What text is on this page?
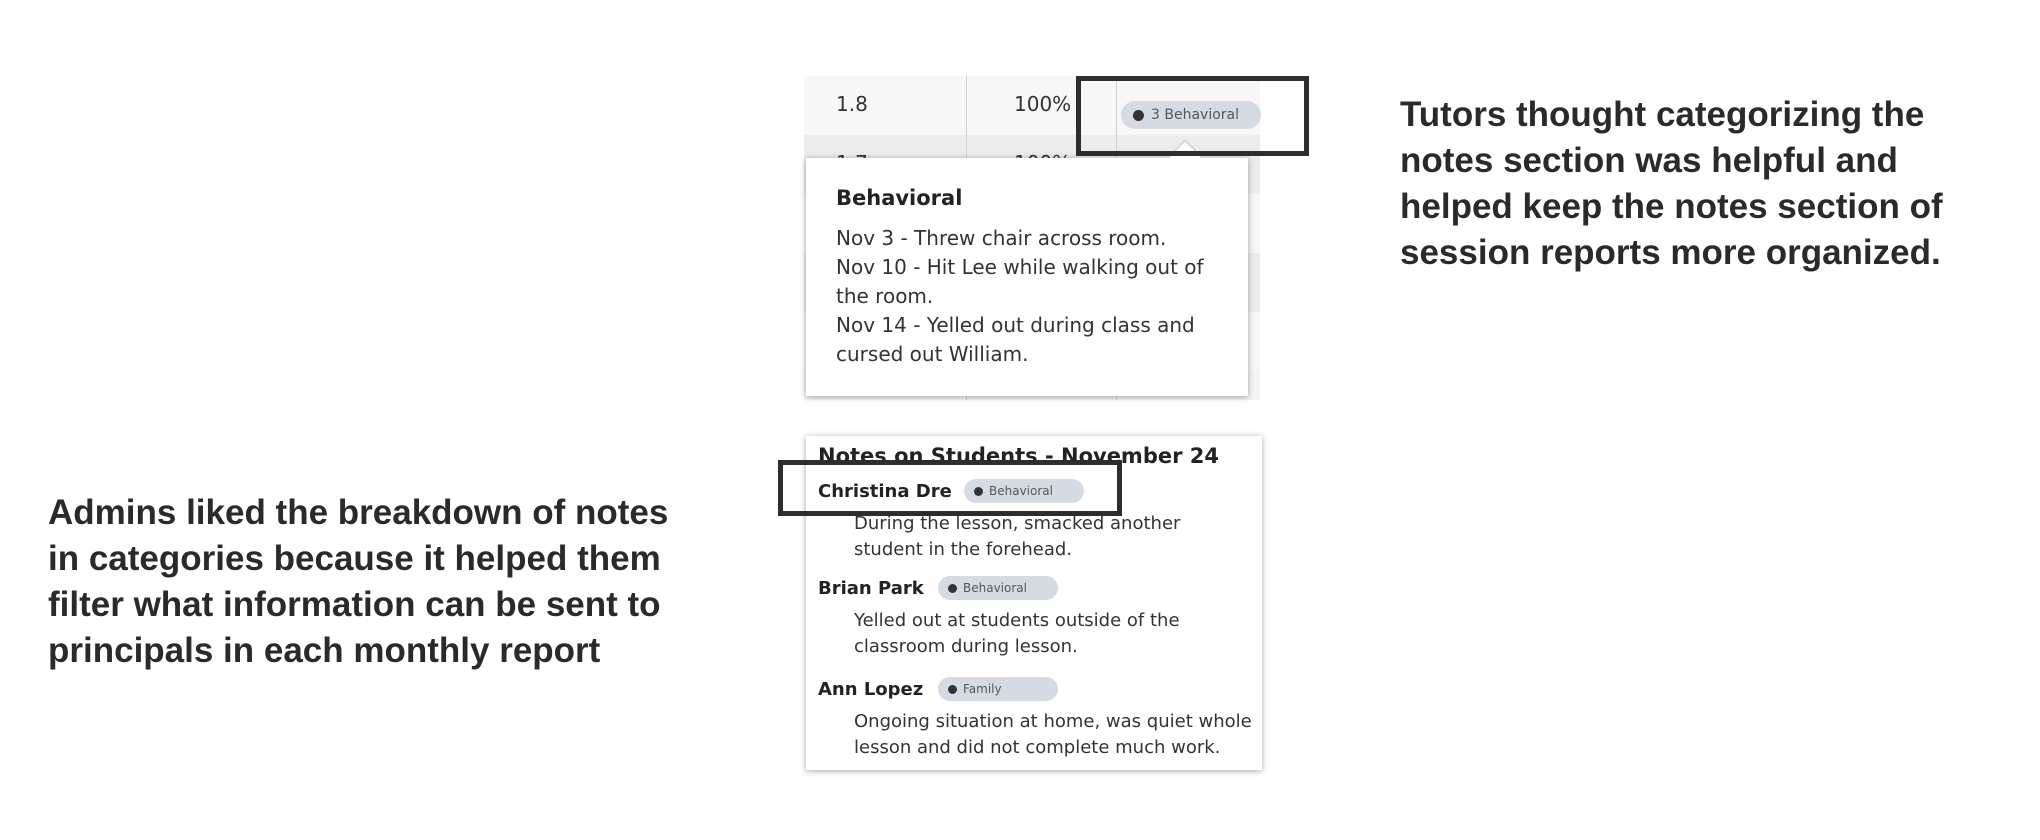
Tutors thought categorizing the notes section was helpful and helped keep the notes section of session reports more organized.
Admins liked the breakdown of notes in categories because it helped them filter what information can be sent to principals in each monthly report
1.8	100%	3 Behavioral
Behavioral
Nov 3 - Threw chair across room.
Nov 10 - Hit Lee while walking out of the room.
Nov 14 - Yelled out during class and cursed out William.
Notes on Students - November 24
Christina Dre	Behavioral
During the lesson, smacked another student in the forehead.
Brian Park	Behavioral
Yelled out at students outside of the classroom during lesson.
Ann Lopez	Family
Ongoing situation at home, was quiet whole lesson and did not complete much work.
